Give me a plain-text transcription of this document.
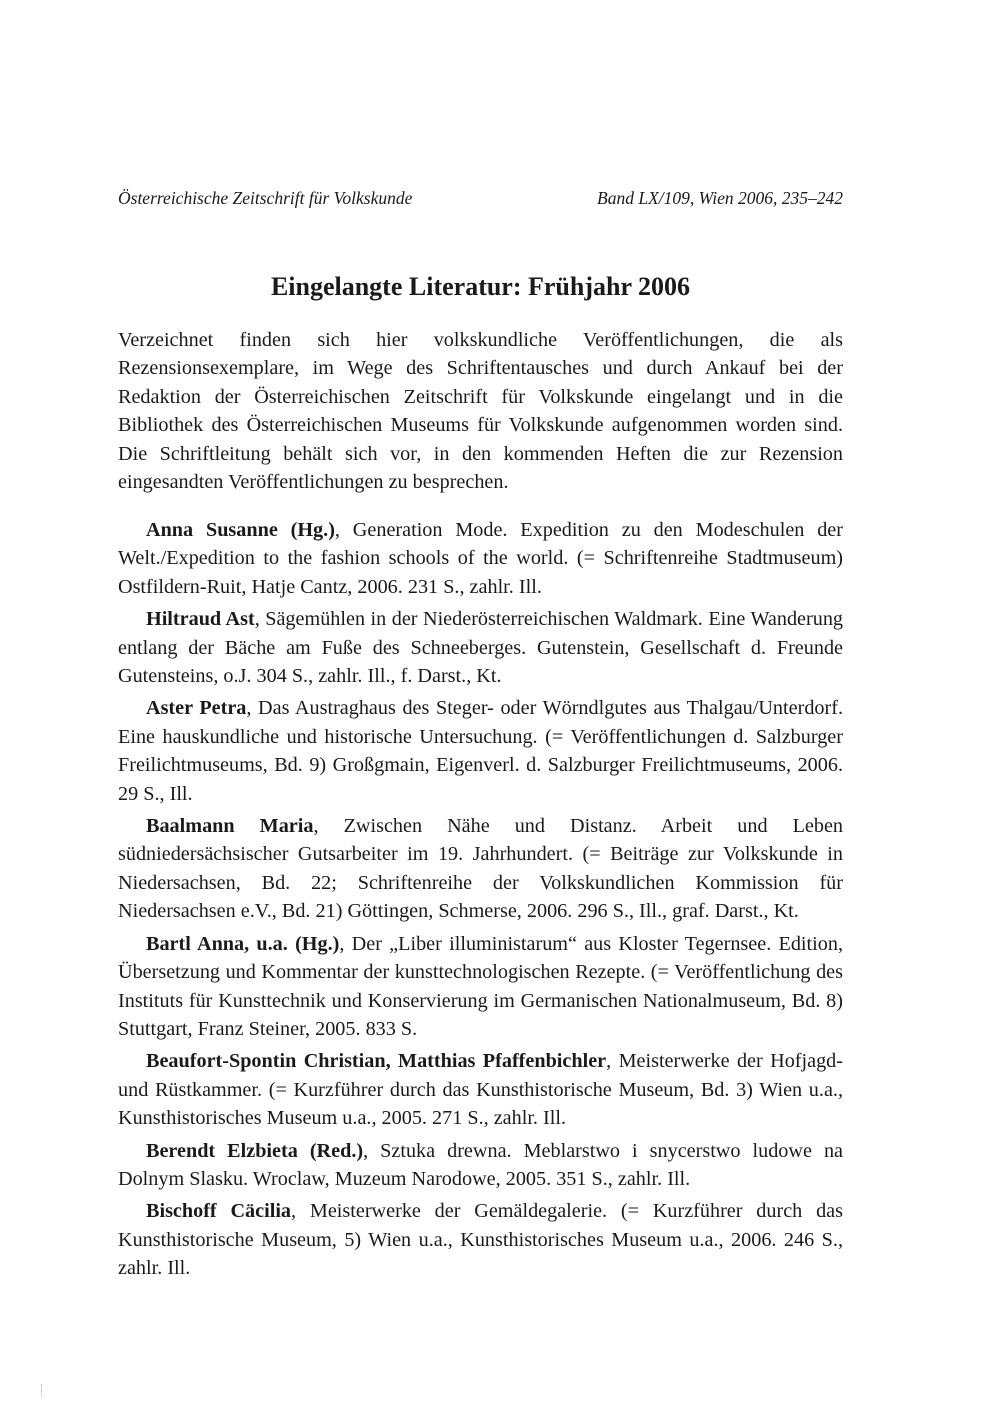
Österreichische Zeitschrift für Volkskunde	Band LX/109, Wien 2006, 235–242
Eingelangte Literatur: Frühjahr 2006
Verzeichnet finden sich hier volkskundliche Veröffentlichungen, die als Rezensionsexemplare, im Wege des Schriftentausches und durch Ankauf bei der Redaktion der Österreichischen Zeitschrift für Volkskunde eingelangt und in die Bibliothek des Österreichischen Museums für Volkskunde aufgenommen worden sind. Die Schriftleitung behält sich vor, in den kommenden Heften die zur Rezension eingesandten Veröffentlichungen zu besprechen.

Anna Susanne (Hg.), Generation Mode. Expedition zu den Modeschulen der Welt./Expedition to the fashion schools of the world. (= Schriftenreihe Stadtmuseum) Ostfildern-Ruit, Hatje Cantz, 2006. 231 S., zahlr. Ill.

Hiltraud Ast, Sägemühlen in der Niederösterreichischen Waldmark. Eine Wanderung entlang der Bäche am Fuße des Schneeberges. Gutenstein, Gesellschaft d. Freunde Gutensteins, o.J. 304 S., zahlr. Ill., f. Darst., Kt.

Aster Petra, Das Austraghaus des Steger- oder Wörndlgutes aus Thalgau/Unterdorf. Eine hauskundliche und historische Untersuchung. (= Veröffentlichungen d. Salzburger Freilichtmuseums, Bd. 9) Großgmain, Eigenverl. d. Salzburger Freilichtmuseums, 2006. 29 S., Ill.

Baalmann Maria, Zwischen Nähe und Distanz. Arbeit und Leben südniedersächsischer Gutsarbeiter im 19. Jahrhundert. (= Beiträge zur Volkskunde in Niedersachsen, Bd. 22; Schriftenreihe der Volkskundlichen Kommission für Niedersachsen e.V., Bd. 21) Göttingen, Schmerse, 2006. 296 S., Ill., graf. Darst., Kt.

Bartl Anna, u.a. (Hg.), Der „Liber illuministarum“ aus Kloster Tegernsee. Edition, Übersetzung und Kommentar der kunsttechnologischen Rezepte. (= Veröffentlichung des Instituts für Kunsttechnik und Konservierung im Germanischen Nationalmuseum, Bd. 8) Stuttgart, Franz Steiner, 2005. 833 S.

Beaufort-Spontin Christian, Matthias Pfaffenbichler, Meisterwerke der Hofjagd- und Rüstkammer. (= Kurzführer durch das Kunsthistorische Museum, Bd. 3) Wien u.a., Kunsthistorisches Museum u.a., 2005. 271 S., zahlr. Ill.

Berendt Elzbieta (Red.), Sztuka drewna. Meblarstwo i snycerstwo ludowe na Dolnym Slasku. Wroclaw, Muzeum Narodowe, 2005. 351 S., zahlr. Ill.

Bischoff Cäcilia, Meisterwerke der Gemäldegalerie. (= Kurzführer durch das Kunsthistorische Museum, 5) Wien u.a., Kunsthistorisches Museum u.a., 2006. 246 S., zahlr. Ill.
